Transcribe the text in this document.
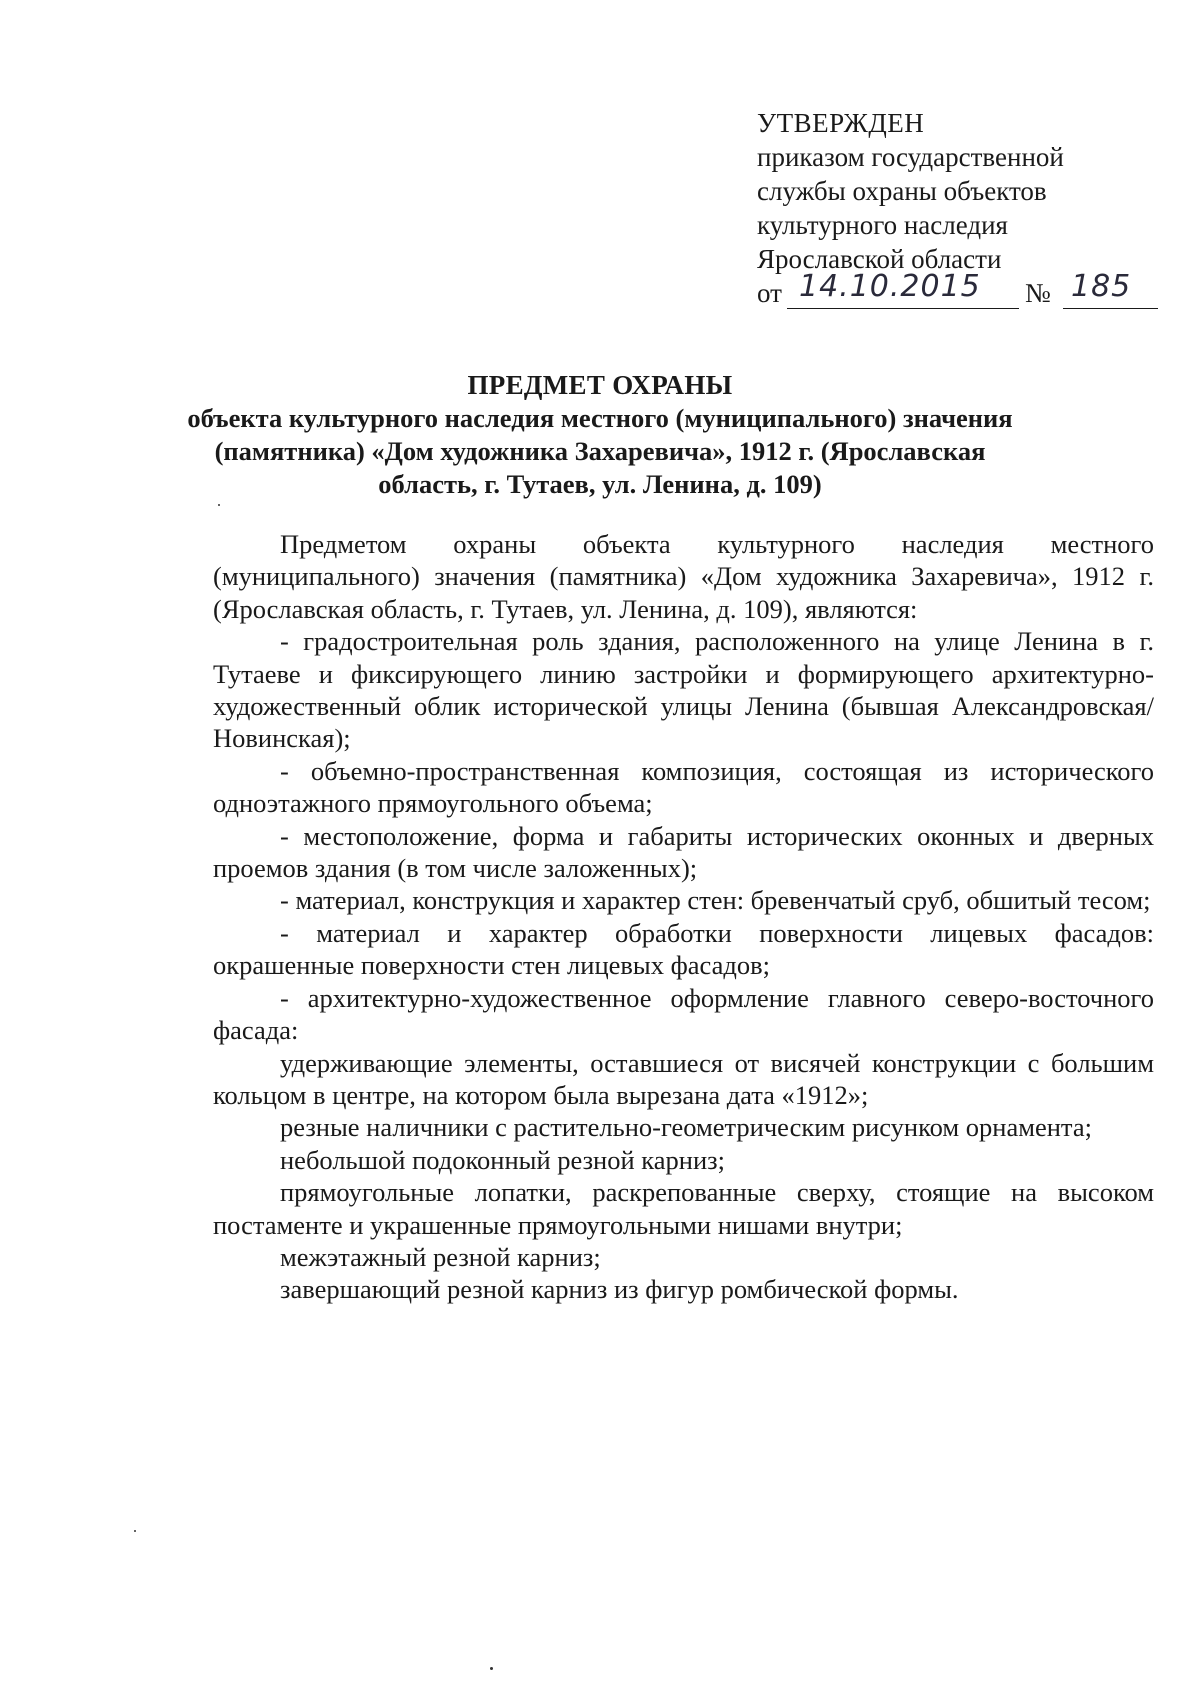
УТВЕРЖДЕН
приказом государственной
службы охраны объектов
культурного наследия
Ярославской области
от 14.10.2015 № 185
ПРЕДМЕТ ОХРАНЫ
объекта культурного наследия местного (муниципального) значения
(памятника) «Дом художника Захаревича», 1912 г. (Ярославская
область, г. Тутаев, ул. Ленина, д. 109)

Предметом охраны объекта культурного наследия местного (муниципального) значения (памятника) «Дом художника Захаревича», 1912 г. (Ярославская область, г. Тутаев, ул. Ленина, д. 109), являются:

- градостроительная роль здания, расположенного на улице Ленина в г. Тутаеве и фиксирующего линию застройки и формирующего архитектурно-художественный облик исторической улицы Ленина (бывшая Александровская/Новинская);

- объемно-пространственная композиция, состоящая из исторического одноэтажного прямоугольного объема;

- местоположение, форма и габариты исторических оконных и дверных проемов здания (в том числе заложенных);

- материал, конструкция и характер стен: бревенчатый сруб, обшитый тесом;

- материал и характер обработки поверхности лицевых фасадов: окрашенные поверхности стен лицевых фасадов;

- архитектурно-художественное оформление главного северо-восточного фасада:

удерживающие элементы, оставшиеся от висячей конструкции с большим кольцом в центре, на котором была вырезана дата «1912»;

резные наличники с растительно-геометрическим рисунком орнамента;

небольшой подоконный резной карниз;

прямоугольные лопатки, раскрепованные сверху, стоящие на высоком постаменте и украшенные прямоугольными нишами внутри;

межэтажный резной карниз;

завершающий резной карниз из фигур ромбической формы.
